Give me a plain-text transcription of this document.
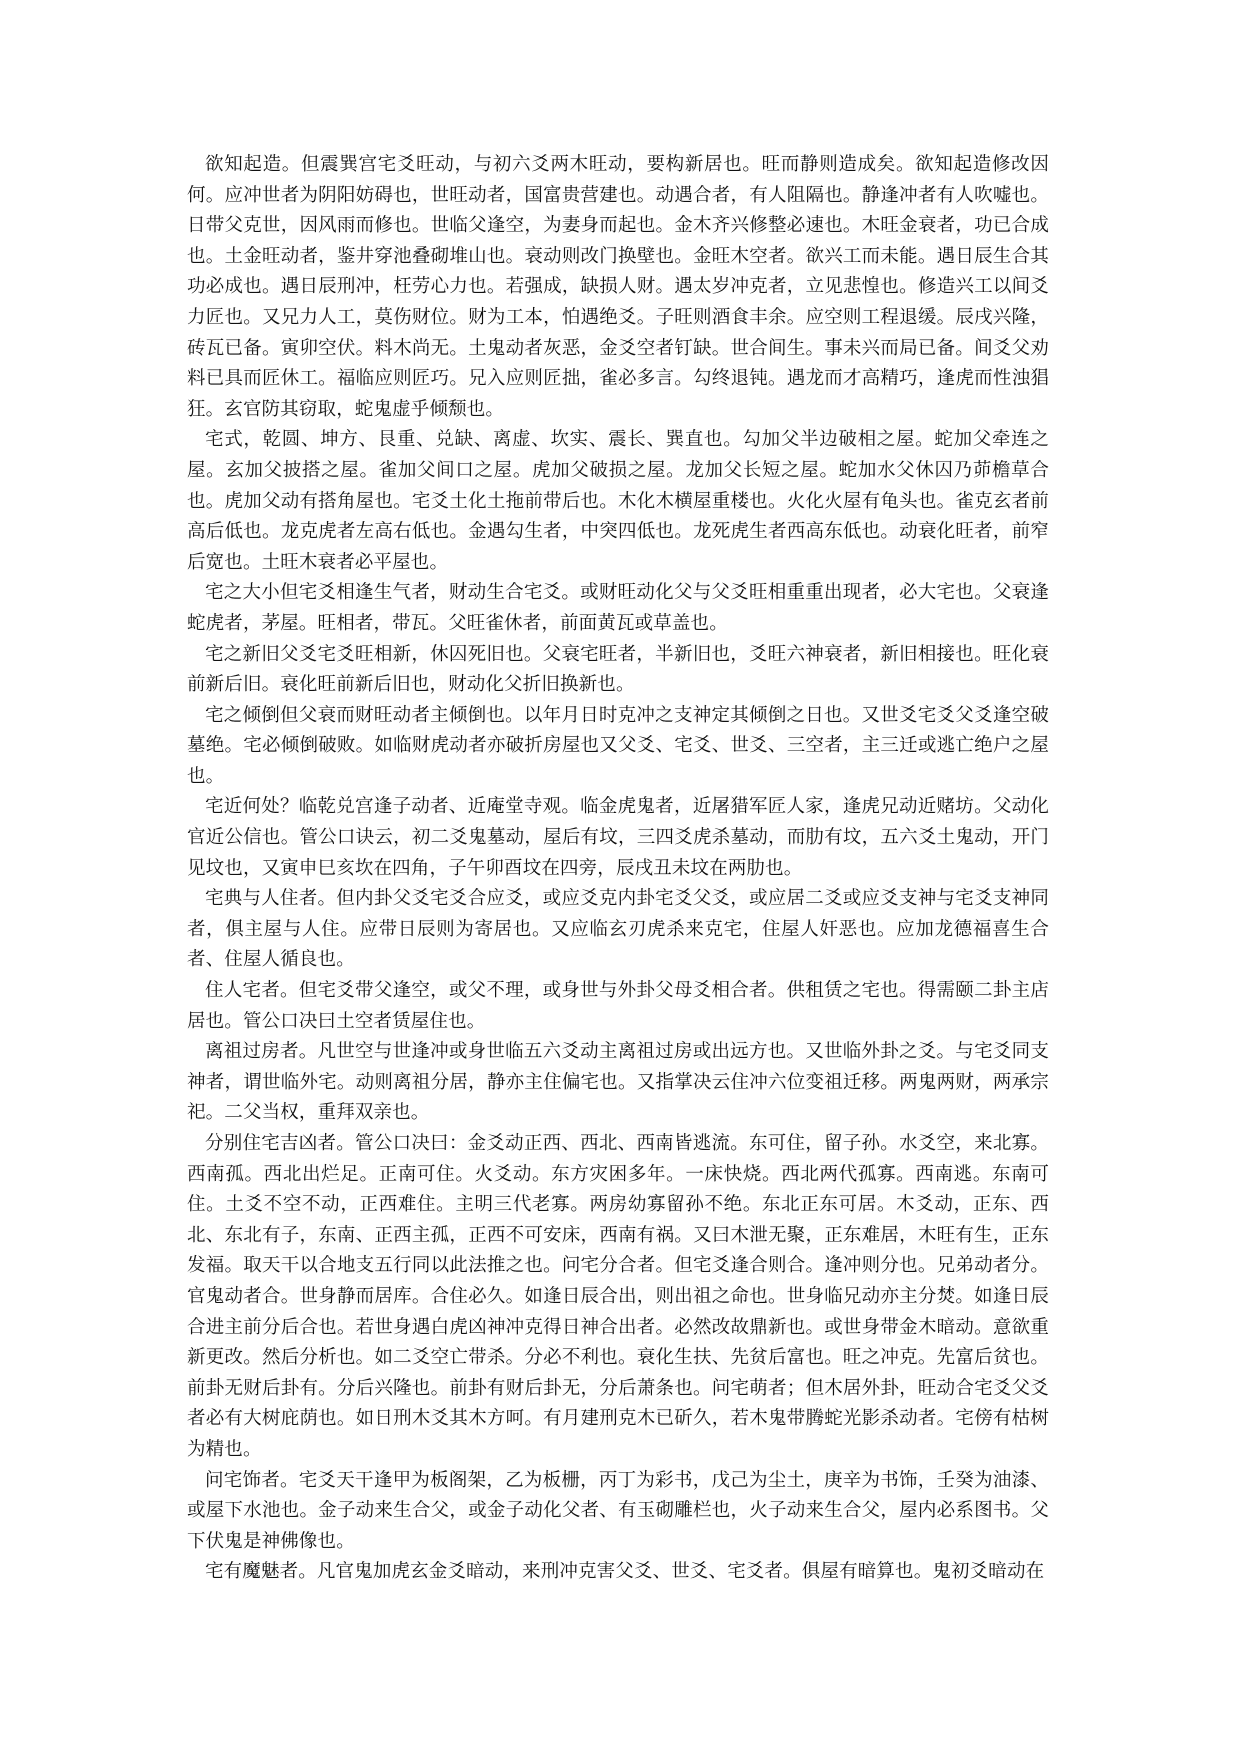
欲知起造。但震巽宫宅爻旺动，与初六爻两木旺动，要构新居也。旺而静则造成矣。欲知起造修改因何。应冲世者为阴阳妨碍也，世旺动者，国富贵营建也。动遇合者，有人阻隔也。静逢冲者有人吹嘘也。日带父克世，因风雨而修也。世临父逢空，为妻身而起也。金木齐兴修整必速也。木旺金衰者，功已合成也。土金旺动者，鉴井穿池叠砌堆山也。衰动则改门换壁也。金旺木空者。欲兴工而未能。遇日辰生合其功必成也。遇日辰刑冲，枉劳心力也。若强成，缺损人财。遇太岁冲克者，立见悲惶也。修造兴工以间爻力匠也。又兄力人工，莫伤财位。财为工本，怕遇绝爻。子旺则酒食丰余。应空则工程退缓。辰戌兴隆，砖瓦已备。寅卯空伏。料木尚无。土鬼动者灰恶，金爻空者钉缺。世合间生。事未兴而局已备。间爻父劝料已具而匠休工。福临应则匠巧。兄入应则匠拙，雀必多言。勾终退钝。遇龙而才高精巧，逢虎而性浊猖狂。玄官防其窃取，蛇鬼虚乎倾颓也。

宅式，乾圆、坤方、艮重、兑缺、离虚、坎实、震长、巽直也。勾加父半边破相之屋。蛇加父牵连之屋。玄加父披搭之屋。雀加父间口之屋。虎加父破损之屋。龙加父长短之屋。蛇加水父休囚乃茆檐草合也。虎加父动有搭角屋也。宅爻土化土拖前带后也。木化木横屋重楼也。火化火屋有龟头也。雀克玄者前高后低也。龙克虎者左高右低也。金遇勾生者，中突四低也。龙死虎生者西高东低也。动衰化旺者，前窄后宽也。土旺木衰者必平屋也。

宅之大小但宅爻相逢生气者，财动生合宅爻。或财旺动化父与父爻旺相重重出现者，必大宅也。父衰逢蛇虎者，茅屋。旺相者，带瓦。父旺雀休者，前面黄瓦或草盖也。

宅之新旧父爻宅爻旺相新，休囚死旧也。父衰宅旺者，半新旧也，爻旺六神衰者，新旧相接也。旺化衰前新后旧。衰化旺前新后旧也，财动化父折旧换新也。

宅之倾倒但父衰而财旺动者主倾倒也。以年月日时克冲之支神定其倾倒之日也。又世爻宅爻父爻逢空破墓绝。宅必倾倒破败。如临财虎动者亦破折房屋也又父爻、宅爻、世爻、三空者，主三迁或逃亡绝户之屋也。

宅近何处？临乾兑宫逢子动者、近庵堂寺观。临金虎鬼者，近屠猎军匠人家，逢虎兄动近赌坊。父动化官近公信也。管公口诀云，初二爻鬼墓动，屋后有坟，三四爻虎杀墓动，而肋有坟，五六爻土鬼动，开门见坟也，又寅申巳亥坎在四角，子午卯酉坟在四旁，辰戌丑未坟在两肋也。

宅典与人住者。但内卦父爻宅爻合应爻，或应爻克内卦宅爻父爻，或应居二爻或应爻支神与宅爻支神同者，俱主屋与人住。应带日辰则为寄居也。又应临玄刃虎杀来克宅，住屋人奸恶也。应加龙德福喜生合者、住屋人循良也。

住人宅者。但宅爻带父逢空，或父不理，或身世与外卦父母爻相合者。供租赁之宅也。得需颐二卦主店居也。管公口决曰土空者赁屋住也。

离祖过房者。凡世空与世逢冲或身世临五六爻动主离祖过房或出远方也。又世临外卦之爻。与宅爻同支神者，谓世临外宅。动则离祖分居，静亦主住偏宅也。又指掌决云住冲六位变祖迁移。两鬼两财，两承宗祀。二父当权，重拜双亲也。

分别住宅吉凶者。管公口决曰：金爻动正西、西北、西南皆逃流。东可住，留子孙。水爻空，来北寡。西南孤。西北出烂足。正南可住。火爻动。东方灾困多年。一床快烧。西北两代孤寡。西南逃。东南可住。土爻不空不动，正西难住。主明三代老寡。两房幼寡留孙不绝。东北正东可居。木爻动，正东、西北、东北有子，东南、正西主孤，正西不可安床，西南有祸。又曰木泄无聚，正东难居，木旺有生，正东发福。取天干以合地支五行同以此法推之也。问宅分合者。但宅爻逢合则合。逢冲则分也。兄弟动者分。官鬼动者合。世身静而居库。合住必久。如逢日辰合出，则出祖之命也。世身临兄动亦主分焚。如逢日辰合进主前分后合也。若世身遇白虎凶神冲克得日神合出者。必然改故鼎新也。或世身带金木暗动。意欲重新更改。然后分析也。如二爻空亡带杀。分必不利也。衰化生扶、先贫后富也。旺之冲克。先富后贫也。前卦无财后卦有。分后兴隆也。前卦有财后卦无，分后萧条也。问宅萌者；但木居外卦，旺动合宅爻父爻者必有大树庇荫也。如日刑木爻其木方呵。有月建刑克木已斫久，若木鬼带腾蛇光影杀动者。宅傍有枯树为精也。

问宅饰者。宅爻天干逢甲为板阁架，乙为板栅，丙丁为彩书，戊己为尘土，庚辛为书饰，壬癸为油漆、或屋下水池也。金子动来生合父，或金子动化父者、有玉砌雕栏也，火子动来生合父，屋内必系图书。父下伏鬼是神佛像也。

宅有魔魅者。凡官鬼加虎玄金爻暗动，来刑冲克害父爻、世爻、宅爻者。俱屋有暗算也。鬼初爻暗动在
